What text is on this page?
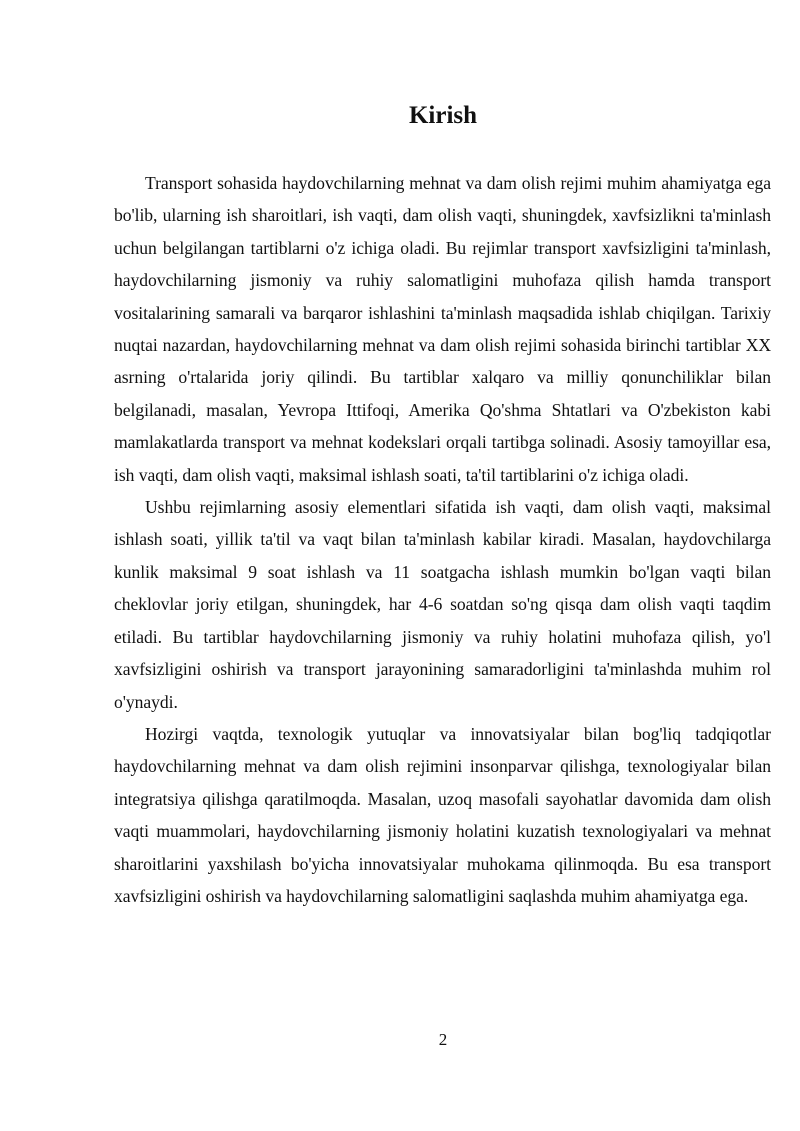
Kirish

Transport sohasida haydovchilarning mehnat va dam olish rejimi muhim ahamiyatga ega bo'lib, ularning ish sharoitlari, ish vaqti, dam olish vaqti, shuningdek, xavfsizlikni ta'minlash uchun belgilangan tartiblarni o'z ichiga oladi. Bu rejimlar transport xavfsizligini ta'minlash, haydovchilarning jismoniy va ruhiy salomatligini muhofaza qilish hamda transport vositalarining samarali va barqaror ishlashini ta'minlash maqsadida ishlab chiqilgan. Tarixiy nuqtai nazardan, haydovchilarning mehnat va dam olish rejimi sohasida birinchi tartiblar XX asrning o'rtalarida joriy qilindi. Bu tartiblar xalqaro va milliy qonunchiliklar bilan belgilanadi, masalan, Yevropa Ittifoqi, Amerika Qo'shma Shtatlari va O'zbekiston kabi mamlakatlarda transport va mehnat kodekslari orqali tartibga solinadi. Asosiy tamoyillar esa, ish vaqti, dam olish vaqti, maksimal ishlash soati, ta'til tartiblarini o'z ichiga oladi.

Ushbu rejimlarning asosiy elementlari sifatida ish vaqti, dam olish vaqti, maksimal ishlash soati, yillik ta'til va vaqt bilan ta'minlash kabilar kiradi. Masalan, haydovchilarga kunlik maksimal 9 soat ishlash va 11 soatgacha ishlash mumkin bo'lgan vaqti bilan cheklovlar joriy etilgan, shuningdek, har 4-6 soatdan so'ng qisqa dam olish vaqti taqdim etiladi. Bu tartiblar haydovchilarning jismoniy va ruhiy holatini muhofaza qilish, yo'l xavfsizligini oshirish va transport jarayonining samaradorligini ta'minlashda muhim rol o'ynaydi.

Hozirgi vaqtda, texnologik yutuqlar va innovatsiyalar bilan bog'liq tadqiqotlar haydovchilarning mehnat va dam olish rejimini insonparvar qilishga, texnologiyalar bilan integratsiya qilishga qaratilmoqda. Masalan, uzoq masofali sayohatlar davomida dam olish vaqti muammolari, haydovchilarning jismoniy holatini kuzatish texnologiyalari va mehnat sharoitlarini yaxshilash bo'yicha innovatsiyalar muhokama qilinmoqda. Bu esa transport xavfsizligini oshirish va haydovchilarning salomatligini saqlashda muhim ahamiyatga ega.

2
